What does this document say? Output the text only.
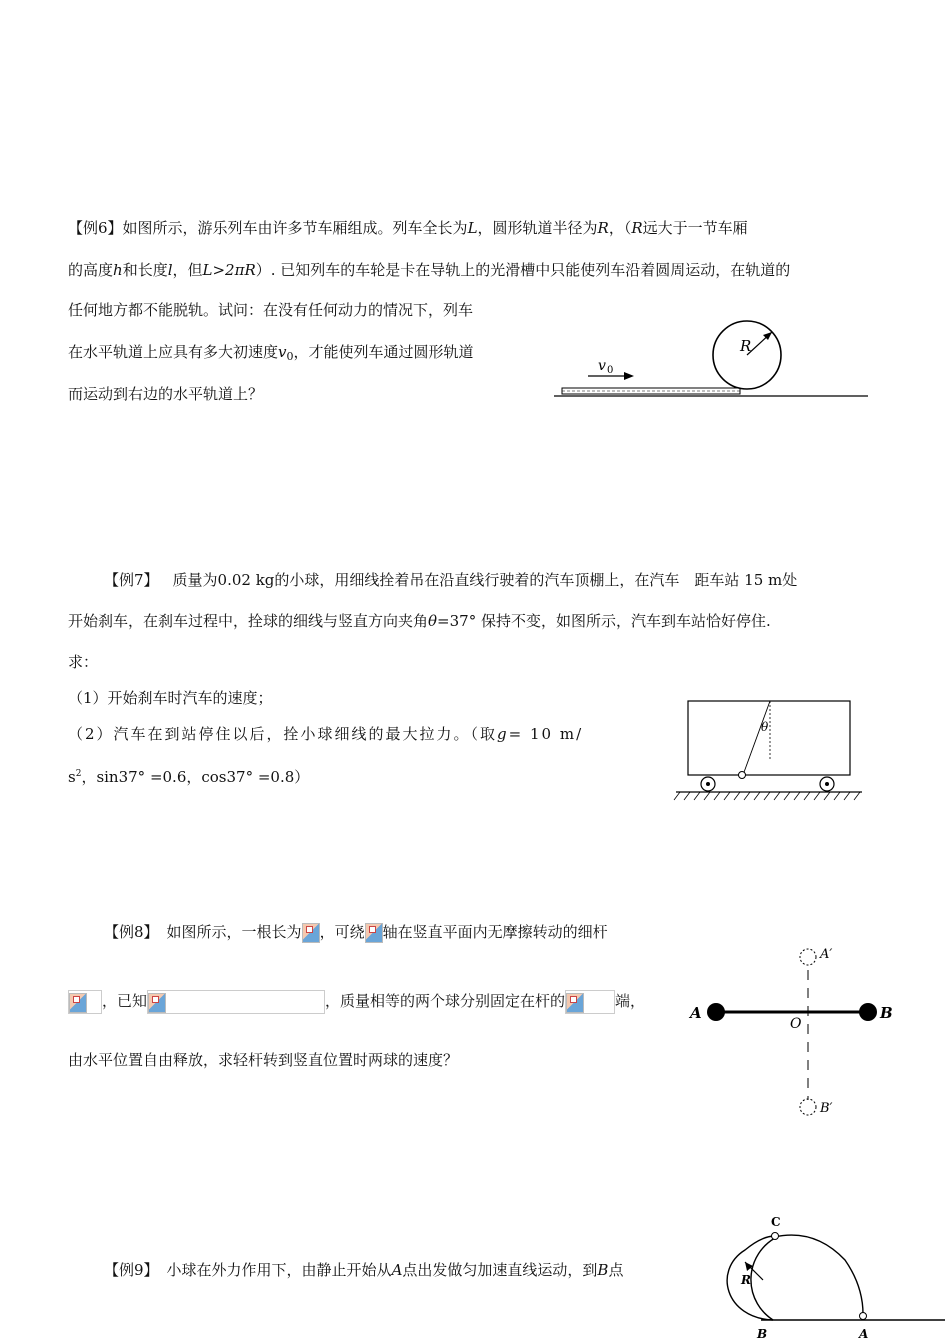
【例6】如图所示，游乐列车由许多节车厢组成。列车全长为L，圆形轨道半径为R，（R远大于一节车厢
的高度h和长度l，但L>2πR）. 已知列车的车轮是卡在导轨上的光滑槽中只能使列车沿着圆周运动，在轨道的
任何地方都不能脱轨。试问：在没有任何动力的情况下，列车
在水平轨道上应具有多大初速度$v_0$，才能使列车通过圆形轨道
而运动到右边的水平轨道上？
R
v 0
【例7】 质量为0.02 kg的小球，用细线拴着吊在沿直线行驶着的汽车顶棚上，在汽车　距车站 15 m处
开始刹车，在刹车过程中，拴球的细线与竖直方向夹角θ=37° 保持不变，如图所示，汽车到车站恰好停住.
求：
（1）开始刹车时汽车的速度；
（2）汽车在到站停住以后，拴小球细线的最大拉力。（取g= 10 m/
$s^2$，sin37° =0.6，cos37° =0.8）
θ
【例8】 如图所示，一根长为 ，可绕 轴在竖直平面内无摩擦转动的细杆
，已知	，质量相等的两个球分别固定在杆的	端，
由水平位置自由释放，求轻杆转到竖直位置时两球的速度？
A	B
O
A′
B′
【例9】 小球在外力作用下，由静止开始从A点出发做匀加速直线运动，到B点
R
C
B	A
